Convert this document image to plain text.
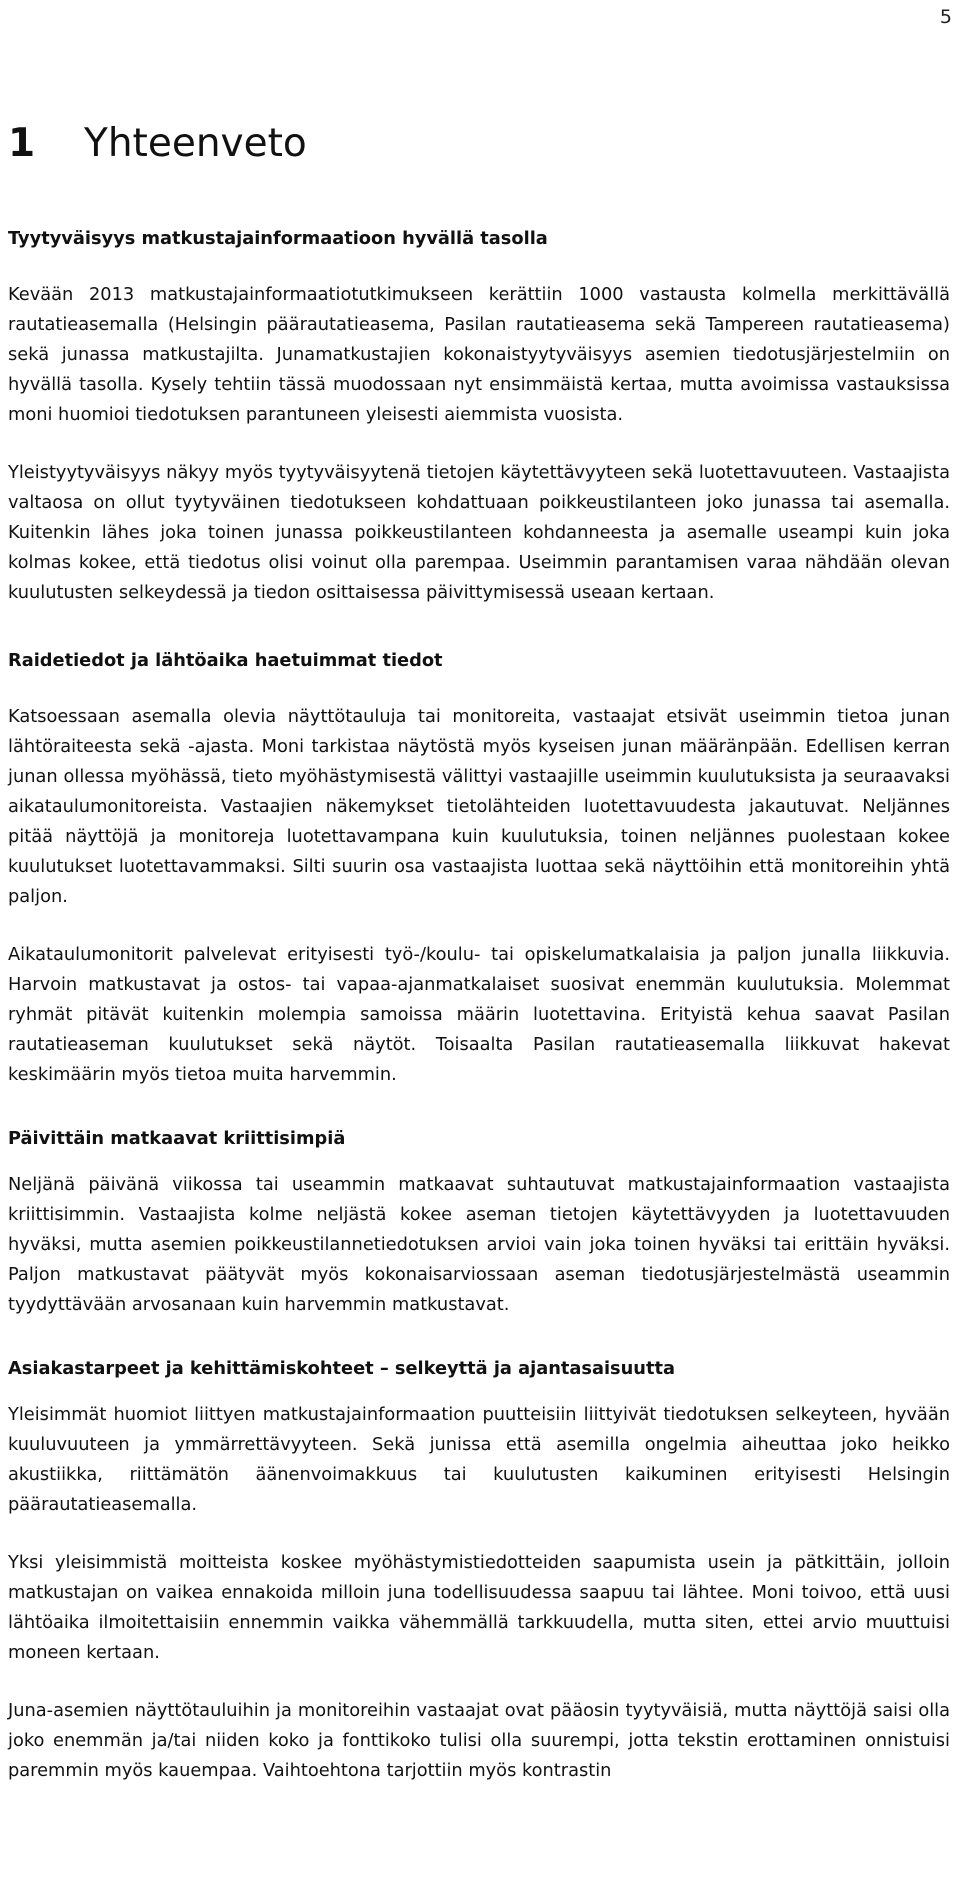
5
1	Yhteenveto
Tyytyväisyys matkustajainformaatioon hyvällä tasolla

Kevään 2013 matkustajainformaatiotutkimukseen kerättiin 1000 vastausta kolmella merkittävällä rautatieasemalla (Helsingin päärautatieasema, Pasilan rautatieasema sekä Tampereen rautatieasema) sekä junassa matkustajilta. Junamatkustajien kokonaistyytyväisyys asemien tiedotusjärjestelmiin on hyvällä tasolla. Kysely tehtiin tässä muodossaan nyt ensimmäistä kertaa, mutta avoimissa vastauksissa moni huomioi tiedotuksen parantuneen yleisesti aiemmista vuosista.

Yleistyytyväisyys näkyy myös tyytyväisyytenä tietojen käytettävyyteen sekä luotettavuuteen. Vastaajista valtaosa on ollut tyytyväinen tiedotukseen kohdattuaan poikkeustilanteen joko junassa tai asemalla. Kuitenkin lähes joka toinen junassa poikkeustilanteen kohdanneesta ja asemalle useampi kuin joka kolmas kokee, että tiedotus olisi voinut olla parempaa. Useimmin parantamisen varaa nähdään olevan kuulutusten selkeydessä ja tiedon osittaisessa päivittymisessä useaan kertaan.

Raidetiedot ja lähtöaika haetuimmat tiedot

Katsoessaan asemalla olevia näyttötauluja tai monitoreita, vastaajat etsivät useimmin tietoa junan lähtöraiteesta sekä -ajasta. Moni tarkistaa näytöstä myös kyseisen junan määränpään. Edellisen kerran junan ollessa myöhässä, tieto myöhästymisestä välittyi vastaajille useimmin kuulutuksista ja seuraavaksi aikataulumonitoreista. Vastaajien näkemykset tietolähteiden luotettavuudesta jakautuvat. Neljännes pitää näyttöjä ja monitoreja luotettavampana kuin kuulutuksia, toinen neljännes puolestaan kokee kuulutukset luotettavammaksi. Silti suurin osa vastaajista luottaa sekä näyttöihin että monitoreihin yhtä paljon.

Aikataulumonitorit palvelevat erityisesti työ-/koulu- tai opiskelumatkalaisia ja paljon junalla liikkuvia. Harvoin matkustavat ja ostos- tai vapaa-ajanmatkalaiset suosivat enemmän kuulutuksia. Molemmat ryhmät pitävät kuitenkin molempia samoissa määrin luotettavina. Erityistä kehua saavat Pasilan rautatieaseman kuulutukset sekä näytöt. Toisaalta Pasilan rautatieasemalla liikkuvat hakevat keskimäärin myös tietoa muita harvemmin.

Päivittäin matkaavat kriittisimpiä

Neljänä päivänä viikossa tai useammin matkaavat suhtautuvat matkustajainformaation vastaajista kriittisimmin. Vastaajista kolme neljästä kokee aseman tietojen käytettävyyden ja luotettavuuden hyväksi, mutta asemien poikkeustilannetiedotuksen arvioi vain joka toinen hyväksi tai erittäin hyväksi. Paljon matkustavat päätyvät myös kokonaisarviossaan aseman tiedotusjärjestelmästä useammin tyydyttävään arvosanaan kuin harvemmin matkustavat.

Asiakastarpeet ja kehittämiskohteet – selkeyttä ja ajantasaisuutta

Yleisimmät huomiot liittyen matkustajainformaation puutteisiin liittyivät tiedotuksen selkeyteen, hyvään kuuluvuuteen ja ymmärrettävyyteen. Sekä junissa että asemilla ongelmia aiheuttaa joko heikko akustiikka, riittämätön äänenvoimakkuus tai kuulutusten kaikuminen erityisesti Helsingin päärautatieasemalla.

Yksi yleisimmistä moitteista koskee myöhästymistiedotteiden saapumista usein ja pätkittäin, jolloin matkustajan on vaikea ennakoida milloin juna todellisuudessa saapuu tai lähtee. Moni toivoo, että uusi lähtöaika ilmoitettaisiin ennemmin vaikka vähemmällä tarkkuudella, mutta siten, ettei arvio muuttuisi moneen kertaan.

Juna-asemien näyttötauluihin ja monitoreihin vastaajat ovat pääosin tyytyväisiä, mutta näyttöjä saisi olla joko enemmän ja/tai niiden koko ja fonttikoko tulisi olla suurempi, jotta tekstin erottaminen onnistuisi paremmin myös kauempaa. Vaihtoehtona tarjottiin myös kontrastin
